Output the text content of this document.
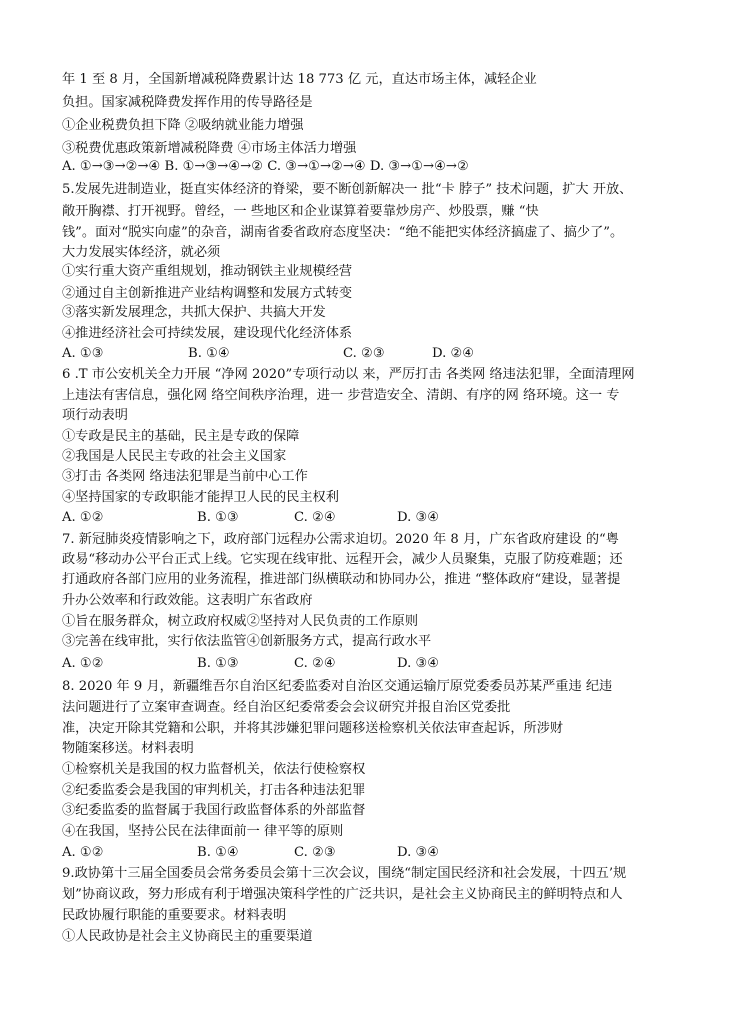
年 1 至 8 月，全国新增减税降费累计达 18 773 亿 元，直达市场主体，减轻企业
负担。国家减税降费发挥作用的传导路径是
①企业税费负担下降 ②吸纳就业能力增强
③税费优惠政策新增减税降费 ④市场主体活力增强
A. ①→③→②→④ B. ①→③→④→② C. ③→①→②→④ D. ③→①→④→②
5.发展先进制造业，挺直实体经济的脊梁，要不断创新解决一 批“卡 脖子” 技术问题，扩大 开放、
敞开胸襟、打开视野。曾经，一 些地区和企业谋算着要靠炒房产、炒股票，赚 “快
钱”。面对“脱实向虚”的杂音，湖南省委省政府态度坚决：“绝不能把实体经济搞虚了、搞少了”。
大力发展实体经济，就必须
①实行重大资产重组规划，推动钢铁主业规模经营
②通过自主创新推进产业结构调整和发展方式转变
③落实新发展理念，共抓大保护、共搞大开发
④推进经济社会可持续发展，建设现代化经济体系
A. ①③	B. ①④	C. ②③	D. ②④
6 .T 市公安机关全力开展 “净网 2020”专项行动以 来，严厉打击 各类网 络违法犯罪，全面清理网
上违法有害信息，强化网 络空间秩序治理，进一 步营造安全、清朗、有序的网 络环境。这一 专
项行动表明
①专政是民主的基础，民主是专政的保障
②我国是人民民主专政的社会主义国家
③打击 各类网 络违法犯罪是当前中心工作
④坚持国家的专政职能才能捍卫人民的民主权利
A. ①②	B. ①③	C. ②④	D. ③④
7. 新冠肺炎疫情影响之下，政府部门远程办公需求迫切。2020 年 8 月，广东省政府建设 的“粤
政易“移动办公平台正式上线。它实现在线审批、远程开会，减少人员聚集，克服了防疫难题；还
打通政府各部门应用的业务流程，推进部门纵横联动和协同办公，推进 “整体政府“建设，显著提
升办公效率和行政效能。这表明广东省政府
①旨在服务群众，树立政府权威②坚持对人民负责的工作原则
③完善在线审批，实行依法监管④创新服务方式，提高行政水平
A. ①②	B. ①③	C. ②④	D. ③④
8. 2020 年 9 月，新疆维吾尔自治区纪委监委对自治区交通运输厅原党委委员苏某严重违 纪违
法问题进行了立案审查调查。经自治区纪委常委会会议研究并报自治区党委批
准，决定开除其党籍和公职，并将其涉嫌犯罪问题移送检察机关依法审查起诉，所涉财
物随案移送。材料表明
①检察机关是我国的权力监督机关，依法行使检察权
②纪委监委会是我国的审判机关，打击各种违法犯罪
③纪委监委的监督属于我国行政监督体系的外部监督
④在我国，坚持公民在法律面前一 律平等的原则
A. ①②	B. ①④	C. ②③	D. ③④
9.政协第十三届全国委员会常务委员会第十三次会议，围绕“制定国民经济和社会发展，十四五’规
划”协商议政，努力形成有利于增强决策科学性的广泛共识，是社会主义协商民主的鲜明特点和人
民政协履行职能的重要要求。材料表明
①人民政协是社会主义协商民主的重要渠道
